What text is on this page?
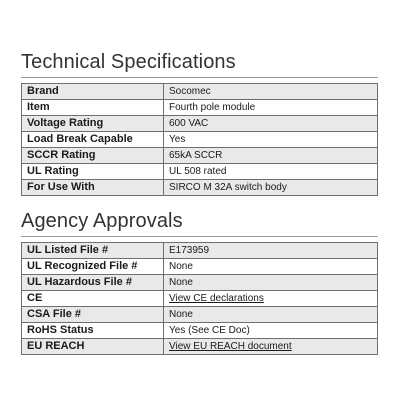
Technical Specifications
Brand	Socomec
Item	Fourth pole module
Voltage Rating	600 VAC
Load Break Capable	Yes
SCCR Rating	65kA SCCR
UL Rating	UL 508 rated
For Use With	SIRCO M 32A switch body
Agency Approvals
UL Listed File #	E173959
UL Recognized File #	None
UL Hazardous File #	None
CE	View CE declarations
CSA File #	None
RoHS Status	Yes (See CE Doc)
EU REACH	View EU REACH document
